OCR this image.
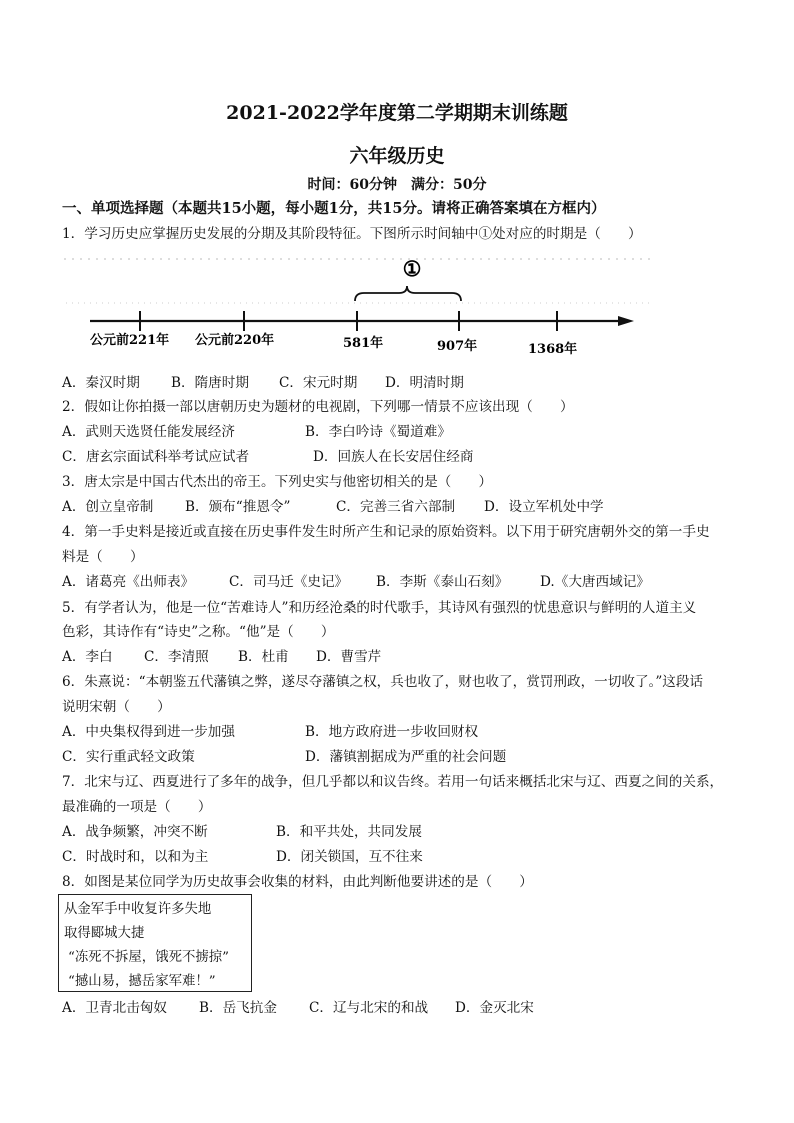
2021-2022学年度第二学期期末训练题
六年级历史
时间：60分钟　满分：50分
一、单项选择题（本题共15小题，每小题1分，共15分。请将正确答案填在方框内）
1．学习历史应掌握历史发展的分期及其阶段特征。下图所示时间轴中①处对应的时期是（　　）
①
公元前221年 公元前220年	581年	907年	1368年
A．秦汉时期 B．隋唐时期 C．宋元时期 D．明清时期
2．假如让你拍摄一部以唐朝历史为题材的电视剧，下列哪一情景不应该出现（　　）
A．武则天选贤任能发展经济	B．李白吟诗《蜀道难》
C．唐玄宗面试科举考试应试者	D．回族人在长安居住经商
3．唐太宗是中国古代杰出的帝王。下列史实与他密切相关的是（　　）
A．创立皇帝制 B．颁布“推恩令”	C．完善三省六部制 D．设立军机处中学
4．第一手史料是接近或直接在历史事件发生时所产生和记录的原始资料。以下用于研究唐朝外交的第一手史
料是（　　）
A．诸葛亮《出师表》	C．司马迁《史记》 B．李斯《泰山石刻》 D.《大唐西域记》
5．有学者认为，他是一位“苦难诗人”和历经沧桑的时代歌手，其诗风有强烈的忧患意识与鲜明的人道主义
色彩，其诗作有“诗史”之称。“他”是（　　）
A．李白 C．李清照 B．杜甫 D．曹雪芹
6．朱熹说：“本朝鉴五代藩镇之弊，遂尽夺藩镇之权，兵也收了，财也收了，赏罚刑政，一切收了。”这段话
说明宋朝（　　）
A．中央集权得到进一步加强	B．地方政府进一步收回财权
C．实行重武轻文政策	D．藩镇割据成为严重的社会问题
7．北宋与辽、西夏进行了多年的战争，但几乎都以和议告终。若用一句话来概括北宋与辽、西夏之间的关系，
最准确的一项是（　　）
A．战争频繁，冲突不断	B．和平共处，共同发展
C．时战时和，以和为主	D．闭关锁国，互不往来
8．如图是某位同学为历史故事会收集的材料，由此判断他要讲述的是（　　）
从金军手中收复许多失地
取得郾城大捷
“冻死不拆屋，饿死不掳掠”
“撼山易，撼岳家军难！”
A．卫青北击匈奴 B．岳飞抗金 C．辽与北宋的和战 D．金灭北宋
